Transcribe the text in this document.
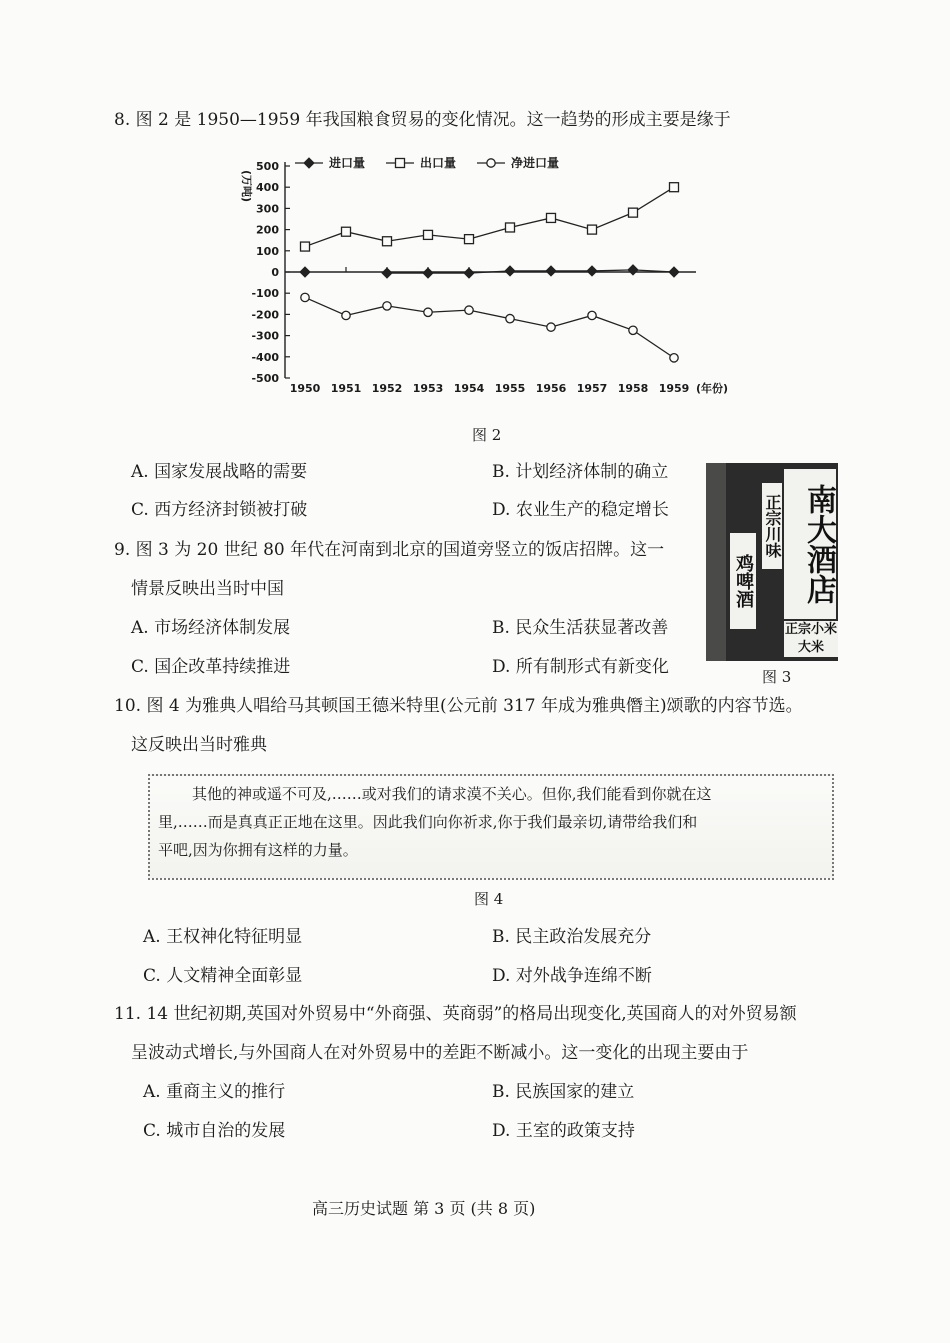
8. 图 2 是 1950—1959 年我国粮食贸易的变化情况。这一趋势的形成主要是缘于
500
400
300
200
100
0
-100
-200
-300
-400
-500
1950 1951 1952 1953 1954 1955 1956 1957 1958 1959 (年份)
(万吨)
进口量	出口量	净进口量
图 2
A. 国家发展战略的需要	B. 计划经济体制的确立
C. 西方经济封锁被打破	D. 农业生产的稳定增长
9. 图 3 为 20 世纪 80 年代在河南到北京的国道旁竖立的饭店招牌。这一
情景反映出当时中国	南大酒店
正宗川味
鸡啤酒
正宗小米大米
图 3
A. 市场经济体制发展	B. 民众生活获显著改善
C. 国企改革持续推进	D. 所有制形式有新变化
10. 图 4 为雅典人唱给马其顿国王德米特里(公元前 317 年成为雅典僭主)颂歌的内容节选。
这反映出当时雅典
其他的神或遥不可及,……或对我们的请求漠不关心。但你,我们能看到你就在这
里,……而是真真正正地在这里。因此我们向你祈求,你于我们最亲切,请带给我们和
平吧,因为你拥有这样的力量。
图 4
A. 王权神化特征明显	B. 民主政治发展充分
C. 人文精神全面彰显	D. 对外战争连绵不断
11. 14 世纪初期,英国对外贸易中“外商强、英商弱”的格局出现变化,英国商人的对外贸易额
呈波动式增长,与外国商人在对外贸易中的差距不断减小。这一变化的出现主要由于
A. 重商主义的推行	B. 民族国家的建立
C. 城市自治的发展	D. 王室的政策支持
高三历史试题 第 3 页 (共 8 页)
